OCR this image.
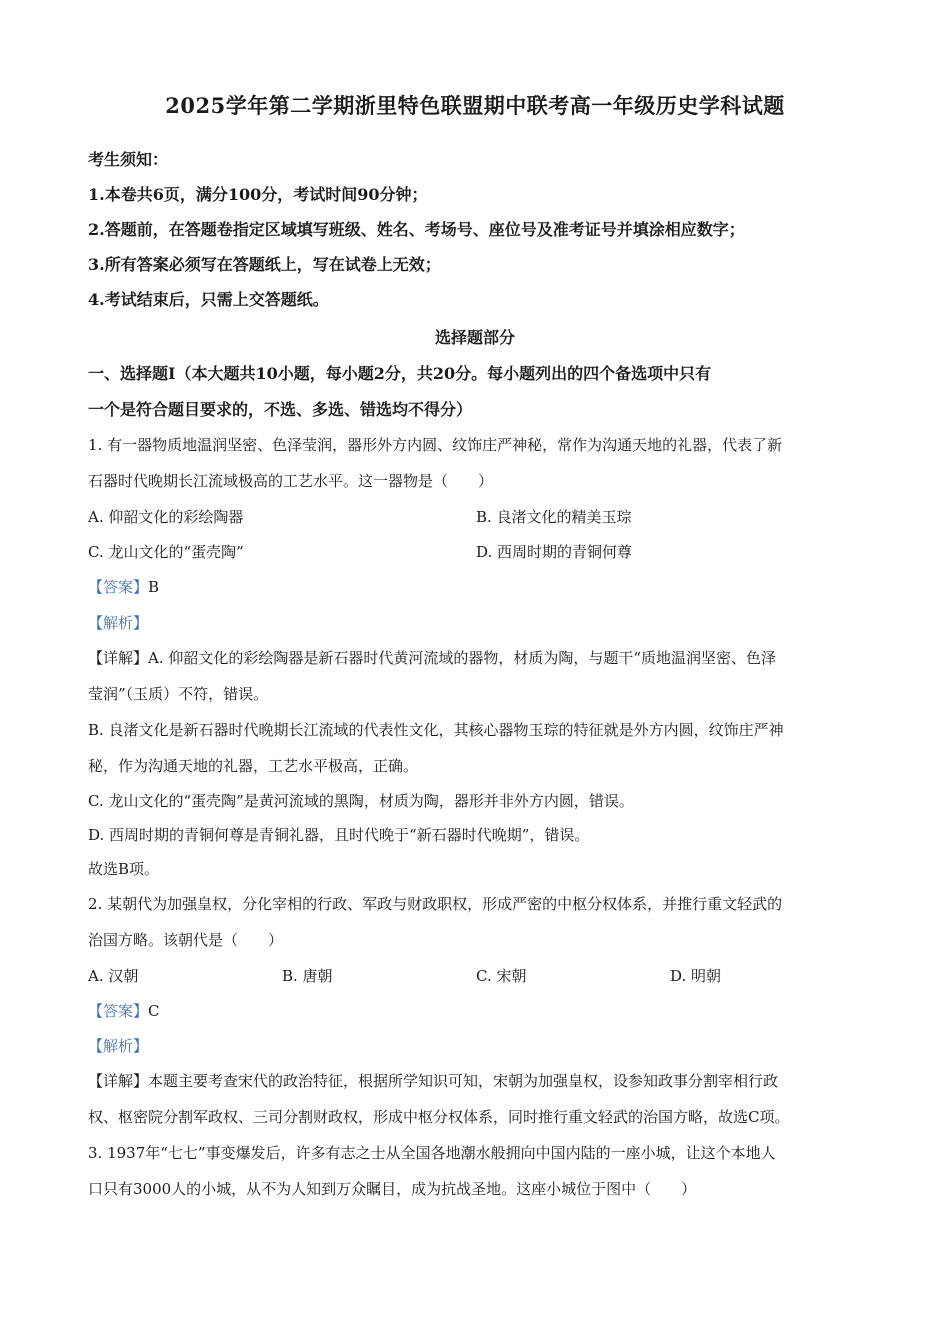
2025学年第二学期浙里特色联盟期中联考高一年级历史学科试题
考生须知：
1.本卷共6页，满分100分，考试时间90分钟；
2.答题前，在答题卷指定区域填写班级、姓名、考场号、座位号及准考证号并填涂相应数字；
3.所有答案必须写在答题纸上，写在试卷上无效；
4.考试结束后，只需上交答题纸。
选择题部分
一、选择题Ⅰ（本大题共10小题，每小题2分，共20分。每小题列出的四个备选项中只有
一个是符合题目要求的，不选、多选、错选均不得分）
1. 有一器物质地温润坚密、色泽莹润，器形外方内圆、纹饰庄严神秘，常作为沟通天地的礼器，代表了新
石器时代晚期长江流域极高的工艺水平。这一器物是（　　）
A. 仰韶文化的彩绘陶器	B. 良渚文化的精美玉琮
C. 龙山文化的“蛋壳陶”	D. 西周时期的青铜何尊
【答案】B
【解析】
【详解】A. 仰韶文化的彩绘陶器是新石器时代黄河流域的器物，材质为陶，与题干“质地温润坚密、色泽
莹润”（玉质）不符，错误。
B. 良渚文化是新石器时代晚期长江流域的代表性文化，其核心器物玉琮的特征就是外方内圆，纹饰庄严神
秘，作为沟通天地的礼器，工艺水平极高，正确。
C. 龙山文化的“蛋壳陶”是黄河流域的黑陶，材质为陶，器形并非外方内圆，错误。
D. 西周时期的青铜何尊是青铜礼器，且时代晚于“新石器时代晚期”，错误。
故选B项。
2. 某朝代为加强皇权，分化宰相的行政、军政与财政职权，形成严密的中枢分权体系，并推行重文轻武的
治国方略。该朝代是（　　）
A. 汉朝	B. 唐朝	C. 宋朝	D. 明朝
【答案】C
【解析】
【详解】本题主要考查宋代的政治特征，根据所学知识可知，宋朝为加强皇权，设参知政事分割宰相行政
权、枢密院分割军政权、三司分割财政权，形成中枢分权体系，同时推行重文轻武的治国方略，故选C项。
3. 1937年“七七”事变爆发后，许多有志之士从全国各地潮水般拥向中国内陆的一座小城，让这个本地人
口只有3000人的小城，从不为人知到万众瞩目，成为抗战圣地。这座小城位于图中（　　）
